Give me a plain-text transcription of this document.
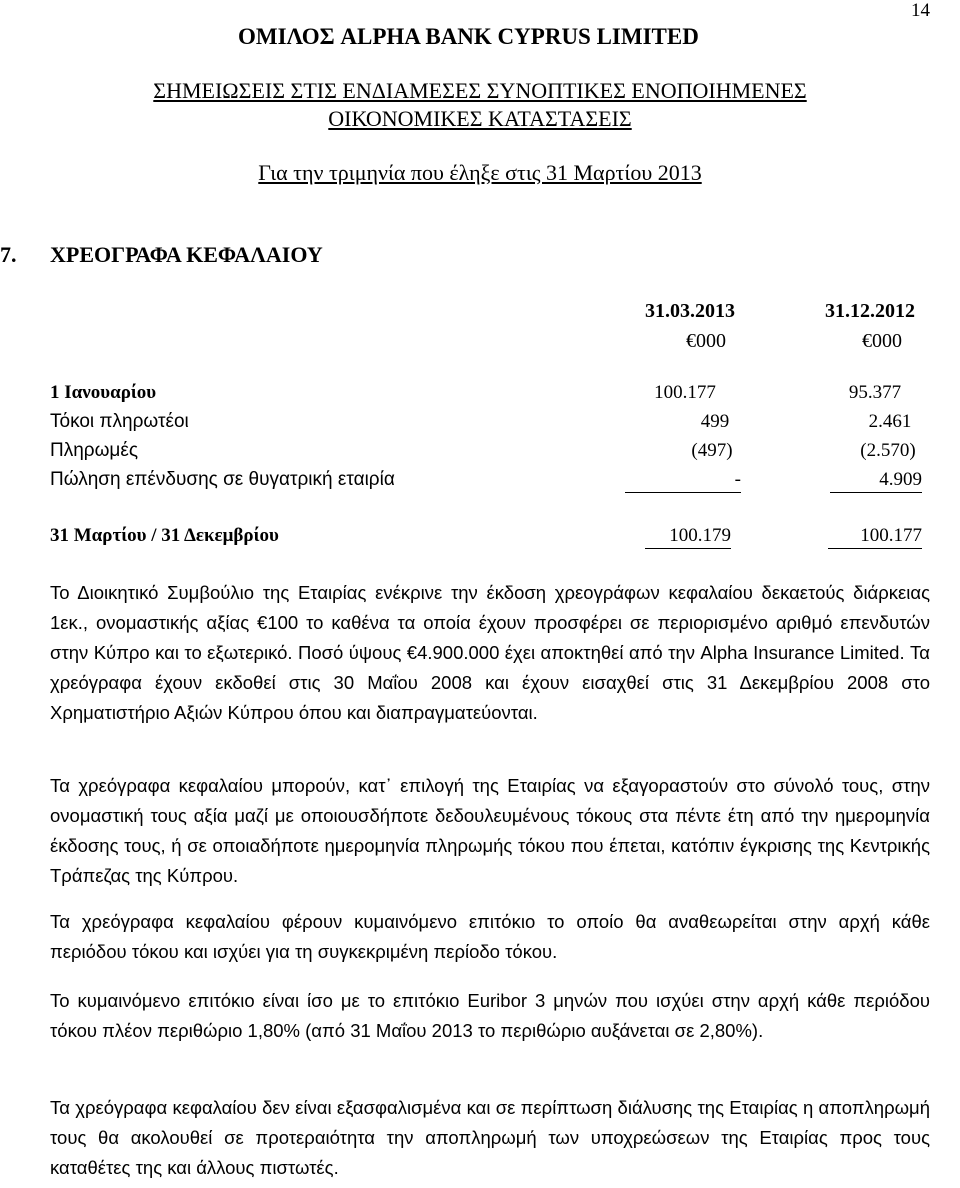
14
ΟΜΙΛΟΣ ALPHA BANK CYPRUS LIMITED
ΣΗΜΕΙΩΣΕΙΣ ΣΤΙΣ ΕΝΔΙΑΜΕΣΕΣ ΣΥΝΟΠΤΙΚΕΣ ΕΝΟΠΟΙΗΜΕΝΕΣ
ΟΙΚΟΝΟΜΙΚΕΣ ΚΑΤΑΣΤΑΣΕΙΣ
Για την τριμηνία που έληξε στις 31 Μαρτίου 2013
7. ΧΡΕΟΓΡΑΦΑ ΚΕΦΑΛΑΙΟΥ
31.03.2013	31.12.2012
€000	€000
1 Ιανουαρίου	100.177	95.377
Τόκοι πληρωτέοι	499	2.461
Πληρωμές	(497)	(2.570)
Πώληση επένδυσης σε θυγατρική εταιρία	-	4.909
31 Μαρτίου / 31 Δεκεμβρίου	100.179	100.177
Το Διοικητικό Συμβούλιο της Εταιρίας ενέκρινε την έκδοση χρεογράφων κεφαλαίου δεκαετούς διάρκειας 1εκ., ονομαστικής αξίας €100 το καθένα τα οποία έχουν προσφέρει σε περιορισμένο αριθμό επενδυτών στην Κύπρο και το εξωτερικό. Ποσό ύψους €4.900.000 έχει αποκτηθεί από την Alpha Insurance Limited. Τα χρεόγραφα έχουν εκδοθεί στις 30 Μαΐου 2008 και έχουν εισαχθεί στις 31 Δεκεμβρίου 2008 στο Χρηματιστήριο Αξιών Κύπρου όπου και διαπραγματεύονται.
Τα χρεόγραφα κεφαλαίου μπορούν, κατ᾽ επιλογή της Εταιρίας να εξαγοραστούν στο σύνολό τους, στην ονομαστική τους αξία μαζί με οποιουσδήποτε δεδουλευμένους τόκους στα πέντε έτη από την ημερομηνία έκδοσης τους, ή σε οποιαδήποτε ημερομηνία πληρωμής τόκου που έπεται, κατόπιν έγκρισης της Κεντρικής Τράπεζας της Κύπρου.
Τα χρεόγραφα κεφαλαίου φέρουν κυμαινόμενο επιτόκιο το οποίο θα αναθεωρείται στην αρχή κάθε περιόδου τόκου και ισχύει για τη συγκεκριμένη περίοδο τόκου.
Το κυμαινόμενο επιτόκιο είναι ίσο με το επιτόκιο Euribor 3 μηνών που ισχύει στην αρχή κάθε περιόδου τόκου πλέον περιθώριο 1,80% (από 31 Μαΐου 2013 το περιθώριο αυξάνεται σε 2,80%).
Τα χρεόγραφα κεφαλαίου δεν είναι εξασφαλισμένα και σε περίπτωση διάλυσης της Εταιρίας η αποπληρωμή τους θα ακολουθεί σε προτεραιότητα την αποπληρωμή των υποχρεώσεων της Εταιρίας προς τους καταθέτες της και άλλους πιστωτές.
